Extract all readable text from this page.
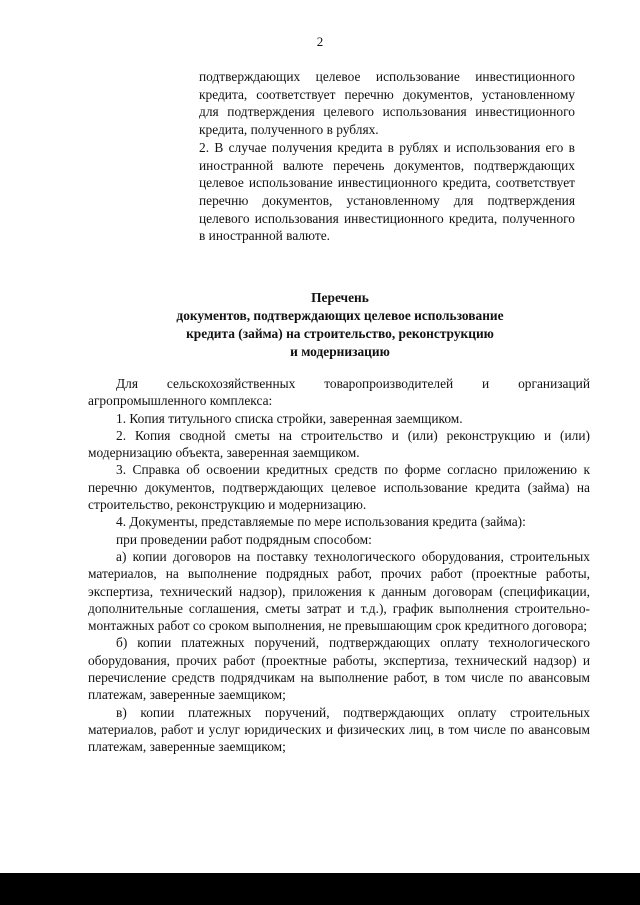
2

подтверждающих целевое использование инвестиционного кредита, соответствует перечню документов, установленному для подтверждения целевого использования инвестиционного кредита, полученного в рублях.

2. В случае получения кредита в рублях и использования его в иностранной валюте перечень документов, подтверждающих целевое использование инвестиционного кредита, соответствует перечню документов, установленному для подтверждения целевого использования инвестиционного кредита, полученного в иностранной валюте.

Перечень
документов, подтверждающих целевое использование
кредита (займа) на строительство, реконструкцию
и модернизацию

Для сельскохозяйственных товаропроизводителей и организаций агропромышленного комплекса:

1. Копия титульного списка стройки, заверенная заемщиком.

2. Копия сводной сметы на строительство и (или) реконструкцию и (или) модернизацию объекта, заверенная заемщиком.

3. Справка об освоении кредитных средств по форме согласно приложению к перечню документов, подтверждающих целевое использование кредита (займа) на строительство, реконструкцию и модернизацию.

4. Документы, представляемые по мере использования кредита (займа):

при проведении работ подрядным способом:

а) копии договоров на поставку технологического оборудования, строительных материалов, на выполнение подрядных работ, прочих работ (проектные работы, экспертиза, технический надзор), приложения к данным договорам (спецификации, дополнительные соглашения, сметы затрат и т.д.), график выполнения строительно-монтажных работ со сроком выполнения, не превышающим срок кредитного договора;

б) копии платежных поручений, подтверждающих оплату технологического оборудования, прочих работ (проектные работы, экспертиза, технический надзор) и перечисление средств подрядчикам на выполнение работ, в том числе по авансовым платежам, заверенные заемщиком;

в) копии платежных поручений, подтверждающих оплату строительных материалов, работ и услуг юридических и физических лиц, в том числе по авансовым платежам, заверенные заемщиком;
